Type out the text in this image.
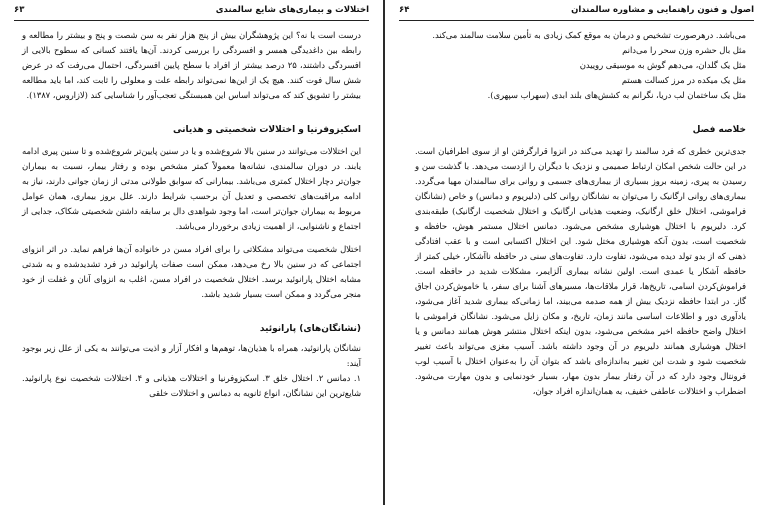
اختلالات و بیماری‌های شایع سالمندی
۶۳

درست است یا نه؟ این پژوهشگران بیش از پنج هزار نفر به سن شصت و پنج و بیشتر را مطالعه و رابطه بین داغدیدگی همسر و افسردگی را بررسی کردند. آن‌ها یافتند کسانی که سطوح بالایی از افسردگی داشتند، ۲۵ درصد بیشتر از افراد با سطح پایین افسردگی، احتمال می‌رفت که در عرض شش سال فوت کنند. هیچ یک از این‌ها نمی‌تواند رابطه علت و معلولی را ثابت کند، اما باید مطالعه بیشتر را تشویق کند که می‌تواند اساس این همبستگی تعجب‌آور را شناسایی کند (لازاروس، ۱۳۸۷).

اسکیزوفرنیا و اختلالات شخصیتی و هذیانی

این اختلالات می‌توانند در سنین بالا شروع‌شده و یا در سنین پایین‌تر شروع‌شده و تا سنین پیری ادامه یابند. در دوران سالمندی، نشانه‌ها معمولاً کمتر مشخص بوده و رفتار بیمار، نسبت به بیماران جوان‌تر دچار اختلال کمتری می‌باشد. بیمارانی که سوابق طولانی مدتی از زمان جوانی دارند، نیاز به ادامه مراقبت‌های تخصصی و تعدیل آن برحسب شرایط دارند. علل بروز بیماری، همان عوامل مربوط به بیماران جوان‌تر است، اما وجود شواهدی دال بر سابقه داشتن شخصیتی شکاک، جدایی از اجتماع و ناشنوایی، از اهمیت زیادی برخوردار می‌باشد.

اختلال شخصیت می‌تواند مشکلاتی را برای افراد مسن در خانواده آن‌ها فراهم نماید. در اثر انزوای اجتماعی که در سنین بالا رخ می‌دهد، ممکن است صفات پارانوئید در فرد تشدیدشده و به شدتی مشابه اختلال پارانوئید برسد. اختلال شخصیت در افراد مسن، اغلب به انزوای آنان و غفلت از خود منجر می‌گردد و ممکن است بسیار شدید باشد.

(نشانگان‌های) پارانوئید

نشانگان پارانوئید، همراه با هذیان‌ها، توهم‌ها و افکار آزار و اذیت می‌توانند به یکی از علل زیر بوجود آیند:

۱. دمانس ۲. اختلال خلق ۳. اسکیزوفرنیا و اختلالات هذیانی و ۴. اختلالات شخصیت نوع پارانوئید. شایع‌ترین این نشانگان، انواع ثانویه به دمانس و اختلالات خلقی

اصول و فنون راهنمایی و مشاوره سالمندان
۶۴

می‌باشد. درهرصورت تشخیص و درمان به موقع کمک زیادی به تأمین سلامت سالمند می‌کند.

مثل بال حشره وزن سحر را می‌دانم

مثل یک گلدان، می‌دهم گوش به موسیقی روییدن

مثل یک میکده در مرز کسالت هستم

مثل یک ساختمان لب دریا، نگرانم به کشش‌های بلند ابدی (سهراب سپهری).

خلاصه فصل

جدی‌ترین خطری که فرد سالمند را تهدید می‌کند در انزوا قرارگرفتن او از سوی اطرافیان است. در این حالت شخص امکان ارتباط صمیمی و نزدیک با دیگران را ازدست می‌دهد. با گذشت سن و رسیدن به پیری، زمینه بروز بسیاری از بیماری‌های جسمی و روانی برای سالمندان مهیا می‌گردد. بیماری‌های روانی ارگانیک را می‌توان به نشانگان روانی کلی (دلیریوم و دمانس) و خاص (نشانگان فراموشی، اختلال خلق ارگانیک، وضعیت هذیانی ارگانیک و اختلال شخصیت ارگانیک) طبقه‌بندی کرد. دلیریوم با اختلال هوشیاری مشخص می‌شود. دمانس اختلال مستمر هوش، حافظه و شخصیت است، بدون آنکه هوشیاری مختل شود. این اختلال اکتسابی است و با عقب افتادگی ذهنی که از بدو تولد دیده می‌شود، تفاوت دارد. تفاوت‌های سنی در حافظه ناآشکار، خیلی کمتر از حافظه آشکار یا عمدی است. اولین نشانه بیماری آلزایمر، مشکلات شدید در حافظه است. فراموش‌کردن اسامی، تاریخ‌ها، قرار ملاقات‌ها، مسیرهای آشنا برای سفر، یا خاموش‌کردن اجاق گاز. در ابتدا حافظه نزدیک بیش از همه صدمه می‌بیند، اما زمانی‌که بیماری شدید آغاز می‌شود، یادآوری دور و اطلاعات اساسی مانند زمان، تاریخ، و مکان زایل می‌شود. نشانگان فراموشی با اختلال واضح حافظه اخیر مشخص می‌شود، بدون اینکه اختلال منتشر هوش همانند دمانس و یا اختلال هوشیاری همانند دلیریوم در آن وجود داشته باشد. آسیب مغزی می‌تواند باعث تغییر شخصیت شود و شدت این تغییر به‌اندازه‌ای باشد که بتوان آن را به‌عنوان اختلال با آسیب لوب فرونتال وجود دارد که در آن رفتار بیمار بدون مهار، بسیار خودنمایی و بدون مهارت می‌شود. اضطراب و اختلالات عاطفی خفیف، به همان‌اندازه افراد جوان،
